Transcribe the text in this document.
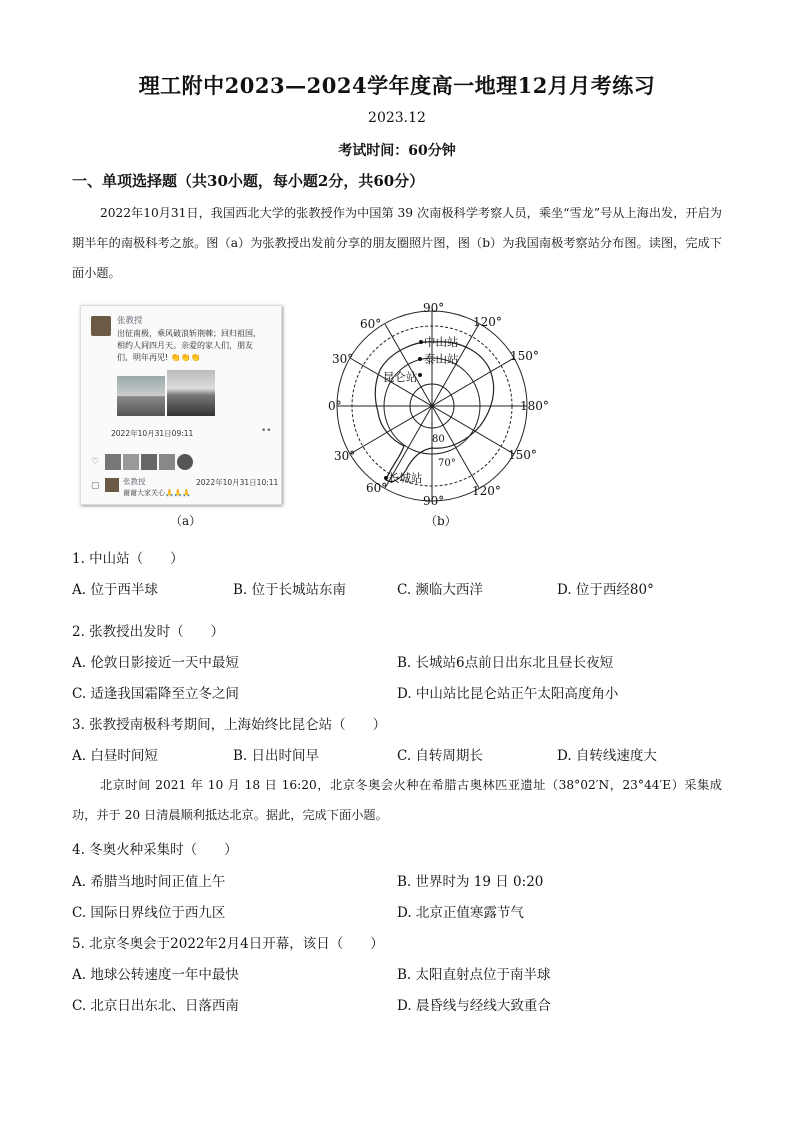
理工附中2023—2024学年度高一地理12月月考练习
2023.12
考试时间：60分钟
一、单项选择题（共30小题，每小题2分，共60分）
2022年10月31日，我国西北大学的张教授作为中国第 39 次南极科学考察人员，乘坐“雪龙”号从上海出发，开启为期半年的南极科考之旅。图（a）为张教授出发前分享的朋友圈照片图，图（b）为我国南极考察站分布图。读图，完成下面小题。
张教授
出征南极，乘风破浪斩荆棘；回归祖国，相约人间四月天。亲爱的家人们，朋友们，明年再见! 👏👏👏
2022年10月31日09:11	••
♡
▢	张教授
谢谢大家关心🙏🙏🙏
2022年10月31日10:11
（a）
90°
60°	120°
30°	150°
0°	180°
30°	150°
60°
90°
120°
80
70°
中山站
泰山站
昆仑站
长城站
（b）
1. 中山站（　　）
A. 位于西半球	B. 位于长城站东南	C. 濒临大西洋	D. 位于西经80°
2. 张教授出发时（　　）
A. 伦敦日影接近一天中最短	B. 长城站6点前日出东北且昼长夜短
C. 适逢我国霜降至立冬之间	D. 中山站比昆仑站正午太阳高度角小
3. 张教授南极科考期间，上海始终比昆仑站（　　）
A. 白昼时间短	B. 日出时间早	C. 自转周期长	D. 自转线速度大
北京时间 2021 年 10 月 18 日 16:20，北京冬奥会火种在希腊古奥林匹亚遗址（38°02′N，23°44′E）采集成功，并于 20 日清晨顺利抵达北京。据此，完成下面小题。
4. 冬奥火种采集时（　　）
A. 希腊当地时间正值上午	B. 世界时为 19 日 0:20
C. 国际日界线位于西九区	D. 北京正值寒露节气
5. 北京冬奥会于2022年2月4日开幕，该日（　　）
A. 地球公转速度一年中最快	B. 太阳直射点位于南半球
C. 北京日出东北、日落西南	D. 晨昏线与经线大致重合
